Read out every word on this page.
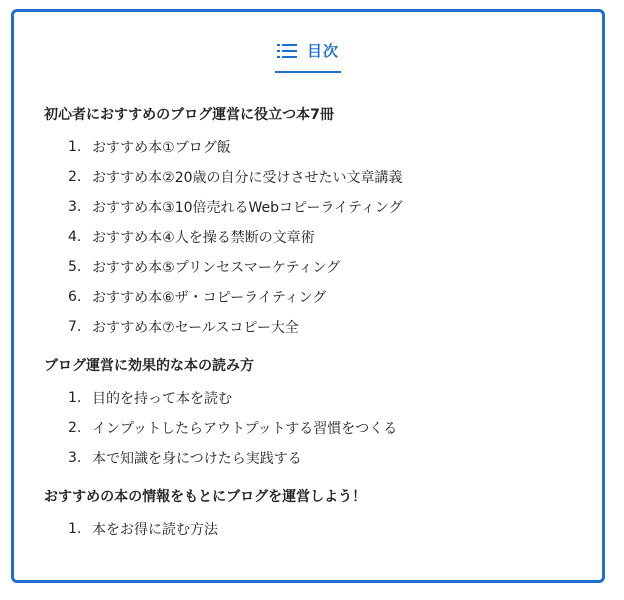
目次
初心者におすすめのブログ運営に役立つ本7冊
1. おすすめ本①ブログ飯
2. おすすめ本②20歳の自分に受けさせたい文章講義
3. おすすめ本③10倍売れるWebコピーライティング
4. おすすめ本④人を操る禁断の文章術
5. おすすめ本⑤プリンセスマーケティング
6. おすすめ本⑥ザ・コピーライティング
7. おすすめ本⑦セールスコピー大全
ブログ運営に効果的な本の読み方
1. 目的を持って本を読む
2. インプットしたらアウトプットする習慣をつくる
3. 本で知識を身につけたら実践する
おすすめの本の情報をもとにブログを運営しよう！
1. 本をお得に読む方法
